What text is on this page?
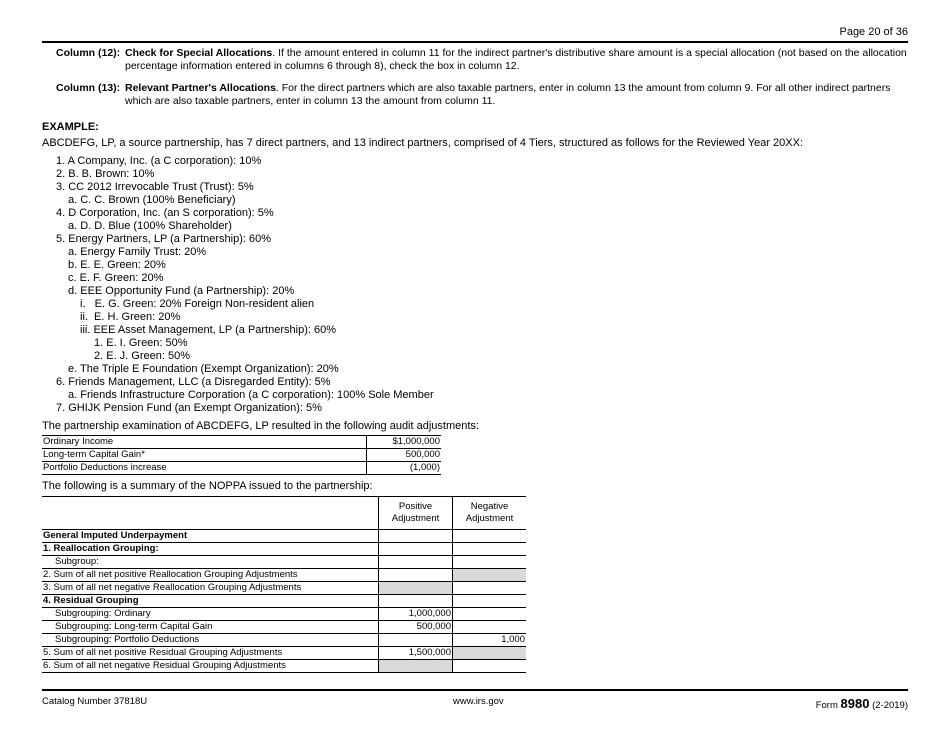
Page 20 of 36
Column (12): Check for Special Allocations. If the amount entered in column 11 for the indirect partner's distributive share amount is a special allocation (not based on the allocation percentage information entered in columns 6 through 8), check the box in column 12.
Column (13): Relevant Partner's Allocations. For the direct partners which are also taxable partners, enter in column 13 the amount from column 9. For all other indirect partners which are also taxable partners, enter in column 13 the amount from column 11.
EXAMPLE:
ABCDEFG, LP, a source partnership, has 7 direct partners, and 13 indirect partners, comprised of 4 Tiers, structured as follows for the Reviewed Year 20XX:
1. A Company, Inc. (a C corporation): 10%
2. B. B. Brown: 10%
3. CC 2012 Irrevocable Trust (Trust): 5%
a. C. C. Brown (100% Beneficiary)
4. D Corporation, Inc. (an S corporation): 5%
a. D. D. Blue (100% Shareholder)
5. Energy Partners, LP (a Partnership): 60%
a. Energy Family Trust: 20%
b. E. E. Green: 20%
c. E. F. Green: 20%
d. EEE Opportunity Fund (a Partnership): 20%
i.   E. G. Green: 20% Foreign Non-resident alien
ii.  E. H. Green: 20%
iii. EEE Asset Management, LP (a Partnership): 60%
1. E. I. Green: 50%
2. E. J. Green: 50%
e. The Triple E Foundation (Exempt Organization): 20%
6. Friends Management, LLC (a Disregarded Entity): 5%
a. Friends Infrastructure Corporation (a C corporation): 100% Sole Member
7. GHIJK Pension Fund (an Exempt Organization): 5%
The partnership examination of ABCDEFG, LP resulted in the following audit adjustments:
Ordinary Income	$1,000,000
Long-term Capital Gain*	500,000
Portfolio Deductions increase	(1,000)
The following is a summary of the NOPPA issued to the partnership:
	Positive Adjustment	Negative Adjustment
General Imputed Underpayment		
1. Reallocation Grouping:		
Subgroup:		
2. Sum of all net positive Reallocation Grouping Adjustments		
3. Sum of all net negative Reallocation Grouping Adjustments		
4. Residual Grouping		
Subgrouping: Ordinary	1,000,000	
Subgrouping: Long-term Capital Gain	500,000	
Subgrouping: Portfolio Deductions		1,000
5. Sum of all net positive Residual Grouping Adjustments	1,500,000	
6. Sum of all net negative Residual Grouping Adjustments		
Catalog Number 37818U	www.irs.gov	Form 8980 (2-2019)
